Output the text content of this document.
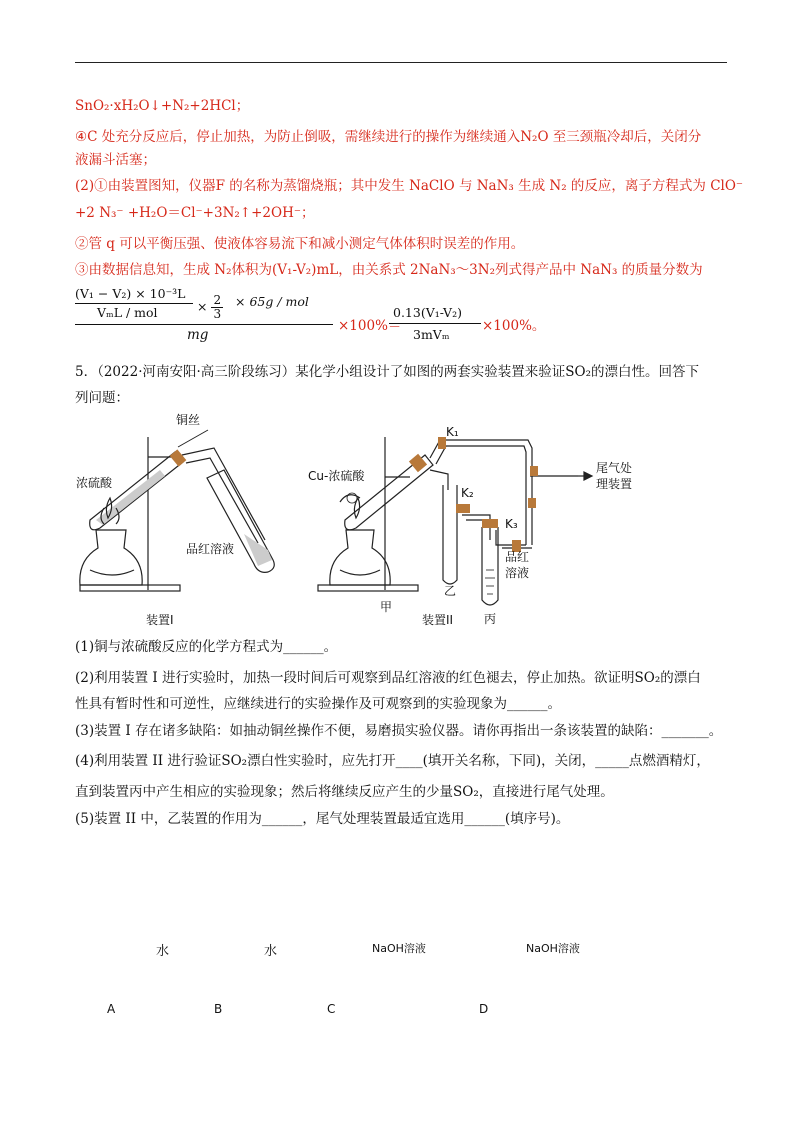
SnO₂·xH₂O↓+N₂+2HCl；
④C 处充分反应后，停止加热，为防止倒吸，需继续进行的操作为继续通入N₂O 至三颈瓶冷却后，关闭分
液漏斗活塞；
(2)①由装置图知，仪器F 的名称为蒸馏烧瓶；其中发生 NaClO 与 NaN₃ 生成 N₂ 的反应，离子方程式为 ClO⁻
+2 N₃⁻ +H₂O＝Cl⁻+3N₂↑+2OH⁻；
②管 q 可以平衡压强、使液体容易流下和减小测定气体体积时误差的作用。
③由数据信息知，生成 N₂体积为(V₁-V₂)mL，由关系式 2NaN₃～3N₂列式得产品中 NaN₃ 的质量分数为
(V₁ − V₂) × 10⁻³L
VₘL / mol	× 2
3
× 65g / mol
mg
×100%＝
0.13(V₁-V₂)
3mVₘ
×100%。
5．（2022·河南安阳·高三阶段练习）某化学小组设计了如图的两套实验装置来验证SO₂的漂白性。回答下
列问题：
铜丝
浓硫酸
品红溶液
装置I
K₁
K₂
K₃
Cu-浓硫酸
尾气处
理装置
甲
乙
丙
品红
溶液
装置II
(1)铜与浓硫酸反应的化学方程式为______。
(2)利用装置 I 进行实验时，加热一段时间后可观察到品红溶液的红色褪去，停止加热。欲证明SO₂的漂白
性具有暂时性和可逆性，应继续进行的实验操作及可观察到的实验现象为______。
(3)装置 I 存在诸多缺陷：如抽动铜丝操作不便，易磨损实验仪器。请你再指出一条该装置的缺陷：_______。
(4)利用装置 II 进行验证SO₂漂白性实验时，应先打开____(填开关名称，下同)，关闭，_____点燃酒精灯，
直到装置丙中产生相应的实验现象；然后将继续反应产生的少量SO₂，直接进行尾气处理。
(5)装置 II 中，乙装置的作用为______，尾气处理装置最适宜选用______(填序号)。
水	水	NaOH溶液	NaOH溶液
A	B	C	D
